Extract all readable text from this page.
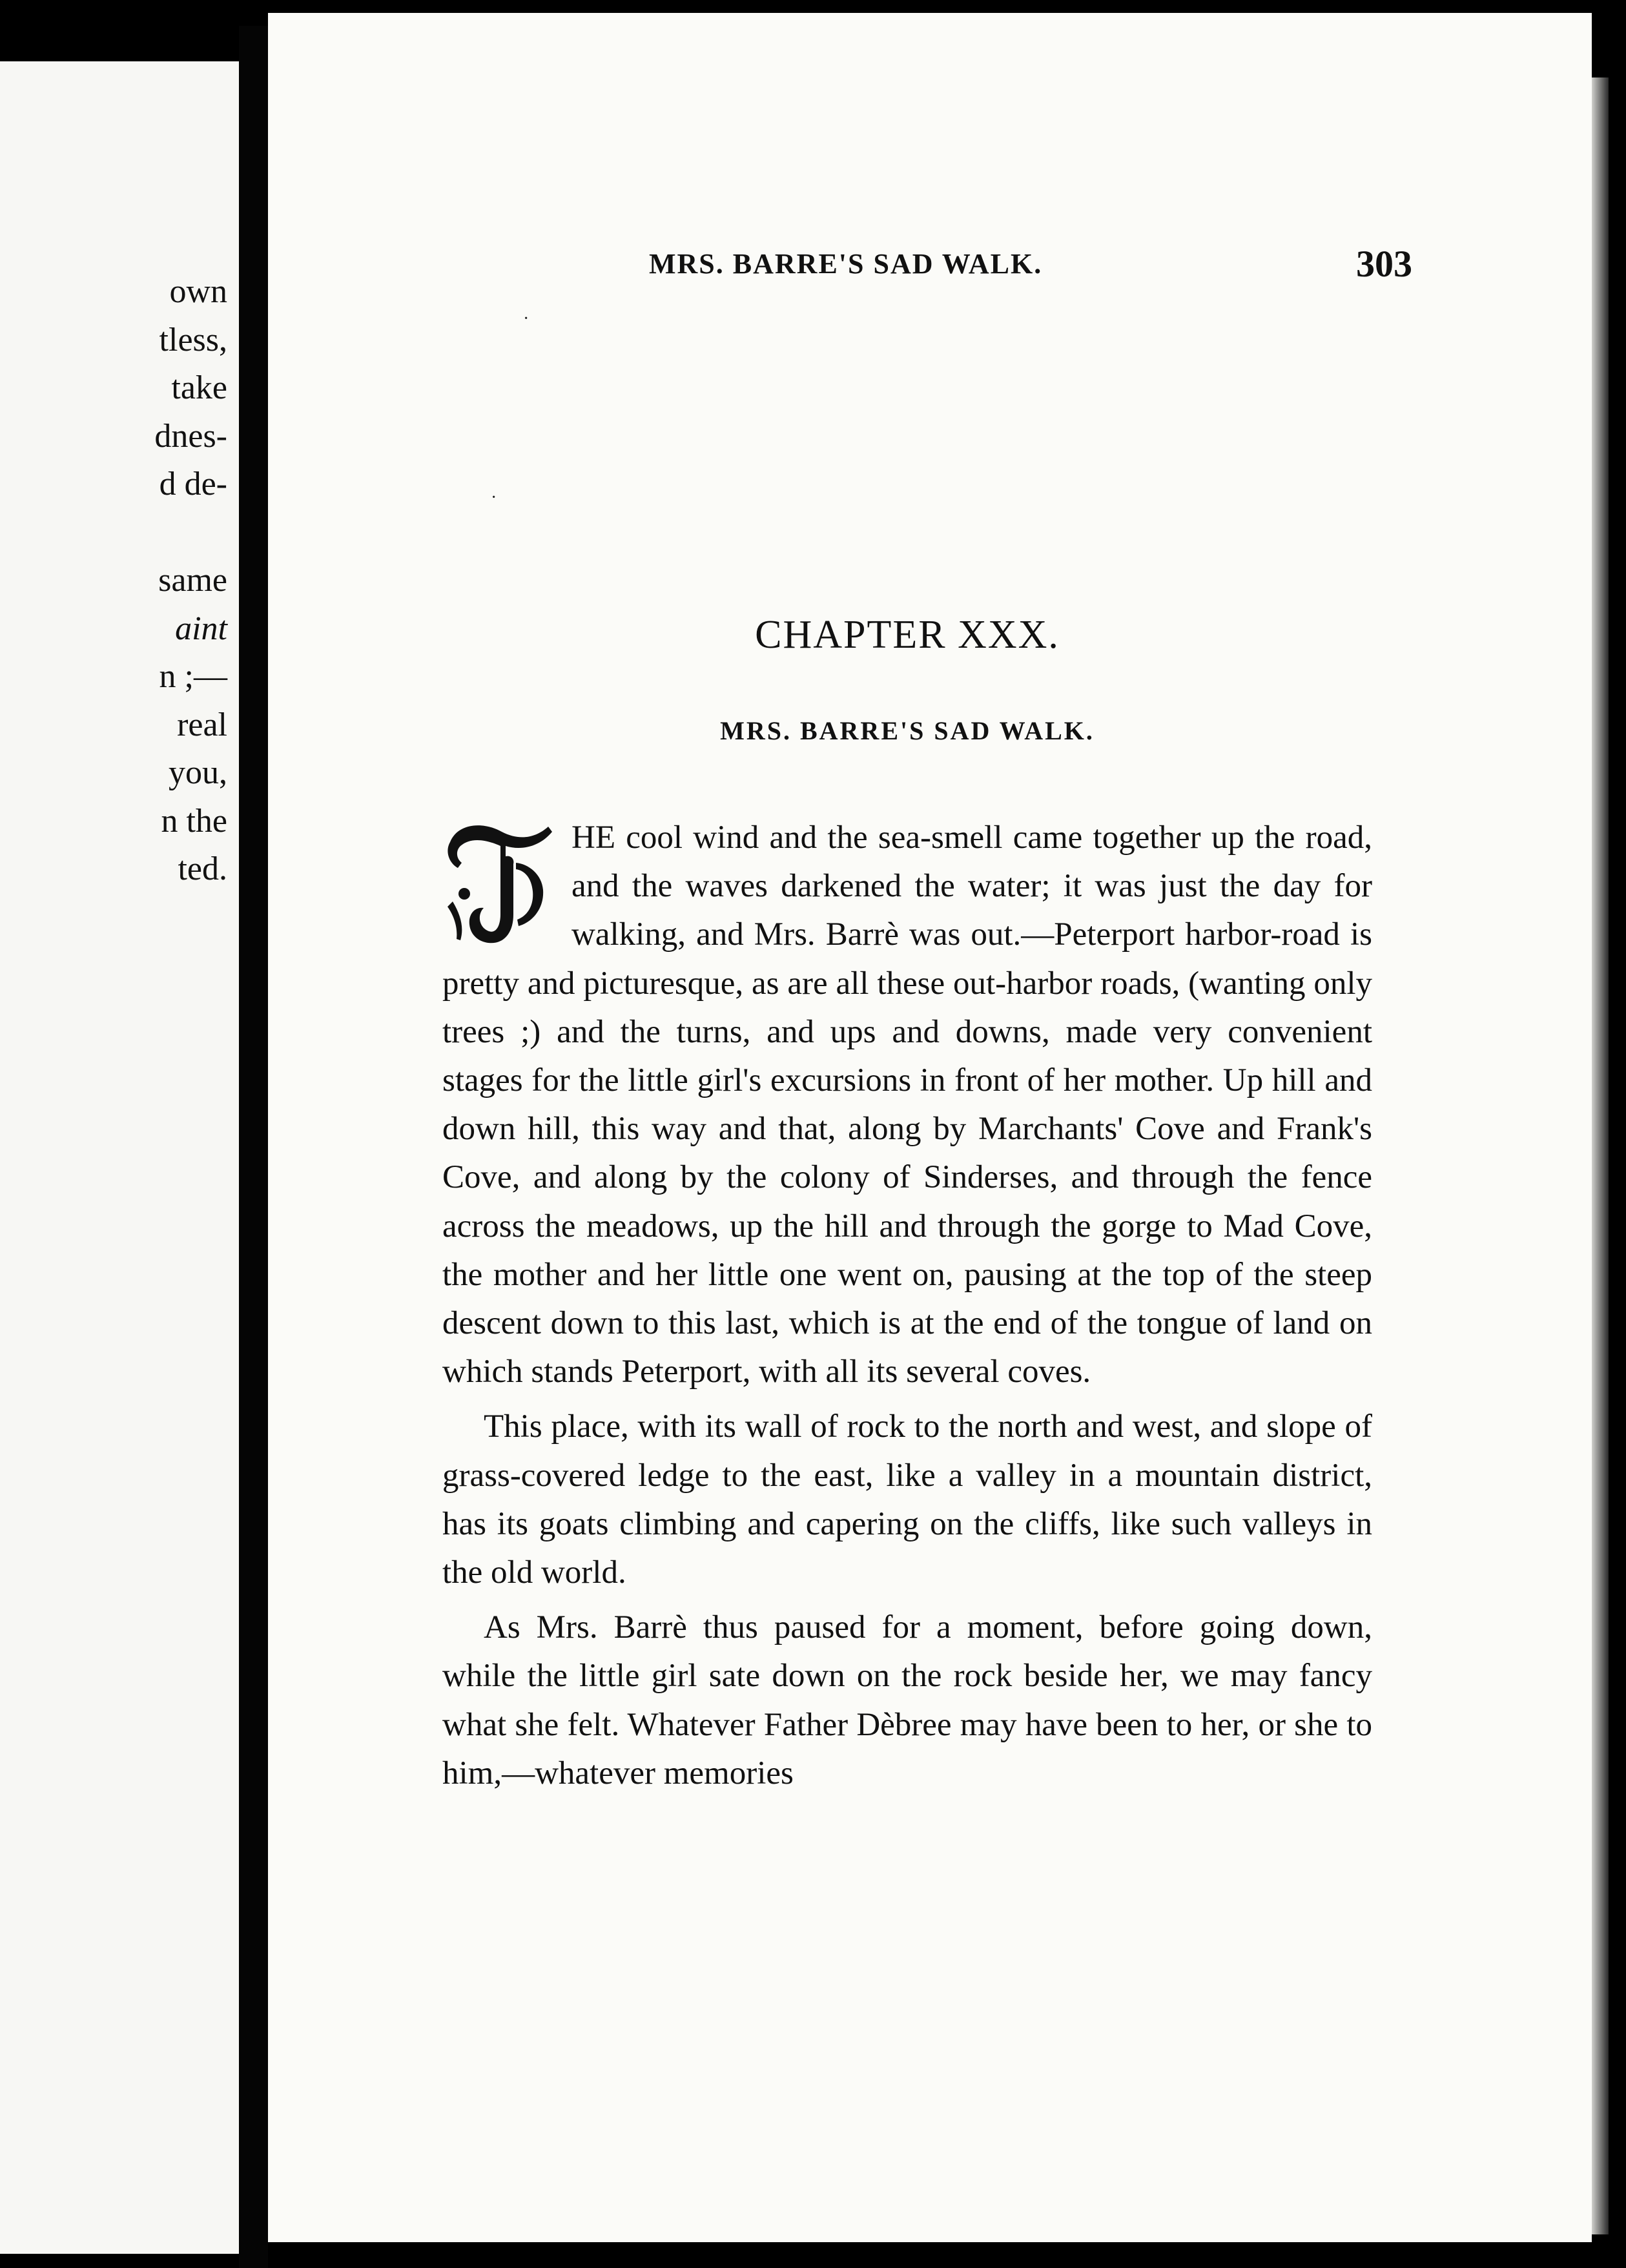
own
tless,
take
dnes-
d de-
same
aint
n ;—
real
you,
n the
ted.
MRS. BARRE'S SAD WALK.	303
·
·
CHAPTER XXX.
MRS. BARRE'S SAD WALK.

HE cool wind and the sea-smell came together up the road, and the waves darkened the water; it was just the day for walking, and Mrs. Barrè was out.—Peterport harbor-road is pretty and picturesque, as are all these out-harbor roads, (wanting only trees ;) and the turns, and ups and downs, made very convenient stages for the little girl's excursions in front of her mother. Up hill and down hill, this way and that, along by Marchants' Cove and Frank's Cove, and along by the colony of Sinderses, and through the fence across the meadows, up the hill and through the gorge to Mad Cove, the mother and her little one went on, pausing at the top of the steep descent down to this last, which is at the end of the tongue of land on which stands Peterport, with all its several coves.

This place, with its wall of rock to the north and west, and slope of grass-covered ledge to the east, like a valley in a mountain district, has its goats climbing and capering on the cliffs, like such valleys in the old world.

As Mrs. Barrè thus paused for a moment, before going down, while the little girl sate down on the rock beside her, we may fancy what she felt. Whatever Father Dèbree may have been to her, or she to him,—whatever memories
